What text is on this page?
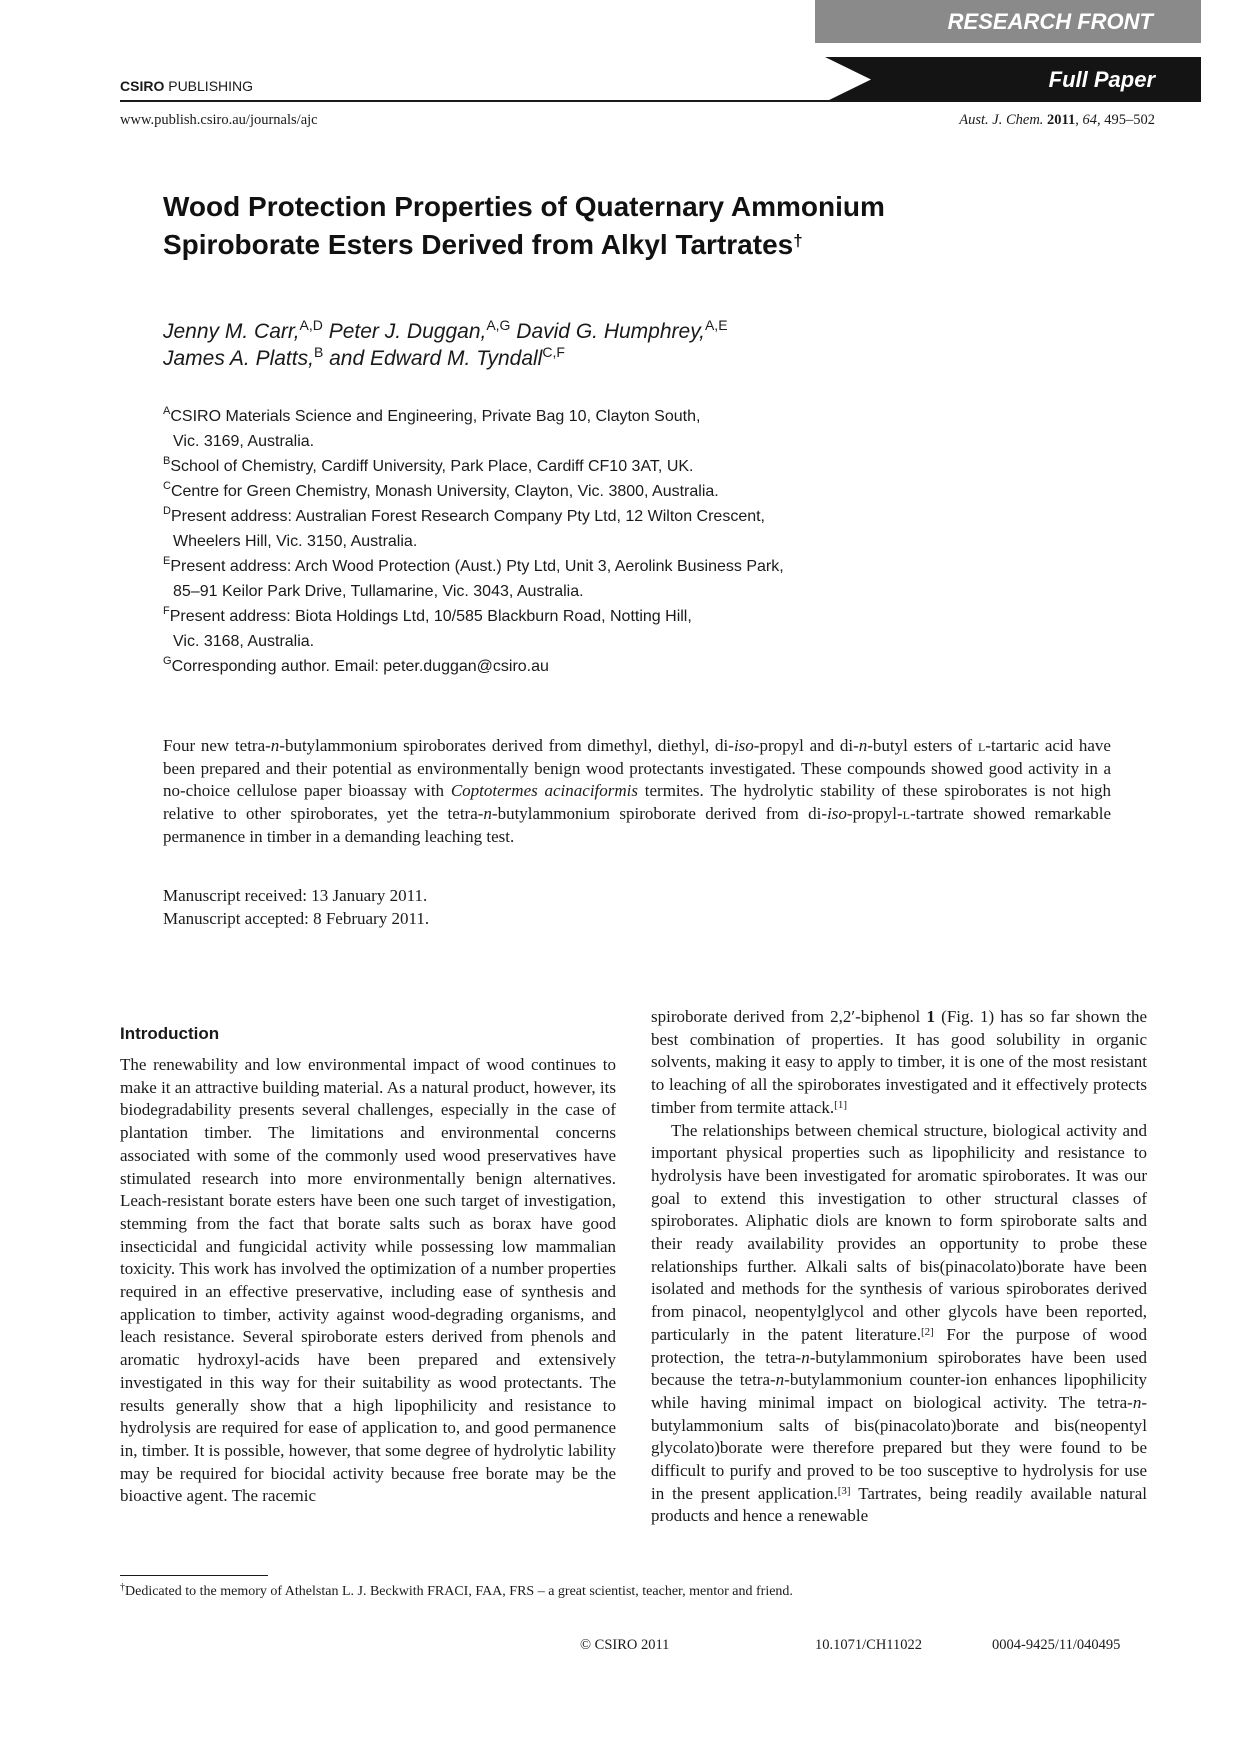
RESEARCH FRONT
Full Paper
CSIRO PUBLISHING
www.publish.csiro.au/journals/ajc	Aust. J. Chem. 2011, 64, 495–502
Wood Protection Properties of Quaternary Ammonium
Spiroborate Esters Derived from Alkyl Tartrates†
Jenny M. Carr,$^{A,D}$ Peter J. Duggan,$^{A,G}$ David G. Humphrey,$^{A,E}$
James A. Platts,$^B$ and Edward M. Tyndall$^{C,F}$

$^A$CSIRO Materials Science and Engineering, Private Bag 10, Clayton South,
Vic. 3169, Australia.

$^B$School of Chemistry, Cardiff University, Park Place, Cardiff CF10 3AT, UK.

$^C$Centre for Green Chemistry, Monash University, Clayton, Vic. 3800, Australia.

$^D$Present address: Australian Forest Research Company Pty Ltd, 12 Wilton Crescent,
Wheelers Hill, Vic. 3150, Australia.

$^E$Present address: Arch Wood Protection (Aust.) Pty Ltd, Unit 3, Aerolink Business Park,
85–91 Keilor Park Drive, Tullamarine, Vic. 3043, Australia.

$^F$Present address: Biota Holdings Ltd, 10/585 Blackburn Road, Notting Hill,
Vic. 3168, Australia.

$^G$Corresponding author. Email: peter.duggan@csiro.au

Four new tetra-n-butylammonium spiroborates derived from dimethyl, diethyl, di-iso-propyl and di-n-butyl esters of l-tartaric acid have been prepared and their potential as environmentally benign wood protectants investigated. These compounds showed good activity in a no-choice cellulose paper bioassay with Coptotermes acinaciformis termites. The hydrolytic stability of these spiroborates is not high relative to other spiroborates, yet the tetra-n-butylammonium spiroborate derived from di-iso-propyl-l-tartrate showed remarkable permanence in timber in a demanding leaching test.
Manuscript received: 13 January 2011.
Manuscript accepted: 8 February 2011.
Introduction

The renewability and low environmental impact of wood continues to make it an attractive building material. As a natural product, however, its biodegradability presents several challenges, especially in the case of plantation timber. The limitations and environmental concerns associated with some of the commonly used wood preservatives have stimulated research into more environmentally benign alternatives. Leach-resistant borate esters have been one such target of investigation, stemming from the fact that borate salts such as borax have good insecticidal and fungicidal activity while possessing low mammalian toxicity. This work has involved the optimization of a number properties required in an effective preservative, including ease of synthesis and application to timber, activity against wood-degrading organisms, and leach resistance. Several spiroborate esters derived from phenols and aromatic hydroxyl-acids have been prepared and extensively investigated in this way for their suitability as wood protectants. The results generally show that a high lipophilicity and resistance to hydrolysis are required for ease of application to, and good permanence in, timber. It is possible, however, that some degree of hydrolytic lability may be required for biocidal activity because free borate may be the bioactive agent. The racemic

spiroborate derived from 2,2′-biphenol 1 (Fig. 1) has so far shown the best combination of properties. It has good solubility in organic solvents, making it easy to apply to timber, it is one of the most resistant to leaching of all the spiroborates investigated and it effectively protects timber from termite attack.[1]

The relationships between chemical structure, biological activity and important physical properties such as lipophilicity and resistance to hydrolysis have been investigated for aromatic spiroborates. It was our goal to extend this investigation to other structural classes of spiroborates. Aliphatic diols are known to form spiroborate salts and their ready availability provides an opportunity to probe these relationships further. Alkali salts of bis(pinacolato)borate have been isolated and methods for the synthesis of various spiroborates derived from pinacol, neopentylglycol and other glycols have been reported, particularly in the patent literature.[2] For the purpose of wood protection, the tetra-n-butylammonium spiroborates have been used because the tetra-n-butylammonium counter-ion enhances lipophilicity while having minimal impact on biological activity. The tetra-n-butylammonium salts of bis(pinacolato)borate and bis(neopentyl glycolato)borate were therefore prepared but they were found to be difficult to purify and proved to be too susceptive to hydrolysis for use in the present application.[3] Tartrates, being readily available natural products and hence a renewable

†Dedicated to the memory of Athelstan L. J. Beckwith FRACI, FAA, FRS – a great scientist, teacher, mentor and friend.
© CSIRO 2011	10.1071/CH11022	0004-9425/11/040495
